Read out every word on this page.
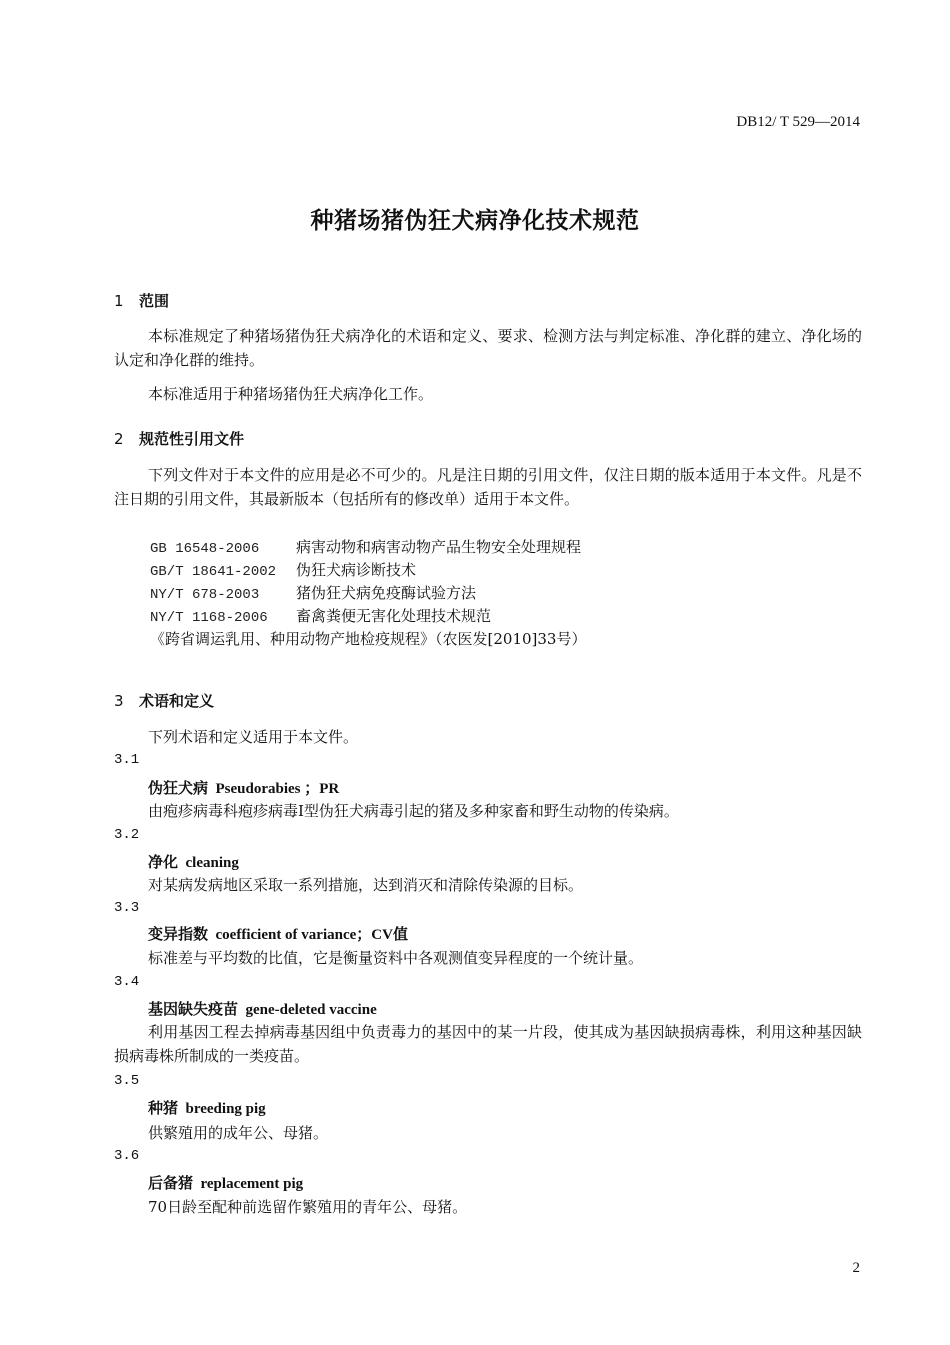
DB12/ T 529—2014
种猪场猪伪狂犬病净化技术规范
1 范围
本标准规定了种猪场猪伪狂犬病净化的术语和定义、要求、检测方法与判定标准、净化群的建立、净化场的认定和净化群的维持。
本标准适用于种猪场猪伪狂犬病净化工作。
2 规范性引用文件
下列文件对于本文件的应用是必不可少的。凡是注日期的引用文件，仅注日期的版本适用于本文件。凡是不注日期的引用文件，其最新版本（包括所有的修改单）适用于本文件。
GB 16548-2006 病害动物和病害动物产品生物安全处理规程
GB/T 18641-2002 伪狂犬病诊断技术
NY/T 678-2003 猪伪狂犬病免疫酶试验方法
NY/T 1168-2006 畜禽粪便无害化处理技术规范
《跨省调运乳用、种用动物产地检疫规程》（农医发[2010]33号）
3 术语和定义
下列术语和定义适用于本文件。
3.1
伪狂犬病 Pseudorabies ；PR
由疱疹病毒科疱疹病毒Ⅰ型伪狂犬病毒引起的猪及多种家畜和野生动物的传染病。
3.2
净化 cleaning
对某病发病地区采取一系列措施，达到消灭和清除传染源的目标。
3.3
变异指数 coefficient of variance；CV值
标准差与平均数的比值，它是衡量资料中各观测值变异程度的一个统计量。
3.4
基因缺失疫苗 gene-deleted vaccine
利用基因工程去掉病毒基因组中负责毒力的基因中的某一片段，使其成为基因缺损病毒株，利用这种基因缺损病毒株所制成的一类疫苗。
3.5
种猪 breeding pig
供繁殖用的成年公、母猪。
3.6
后备猪 replacement pig
70日龄至配种前选留作繁殖用的青年公、母猪。
2
